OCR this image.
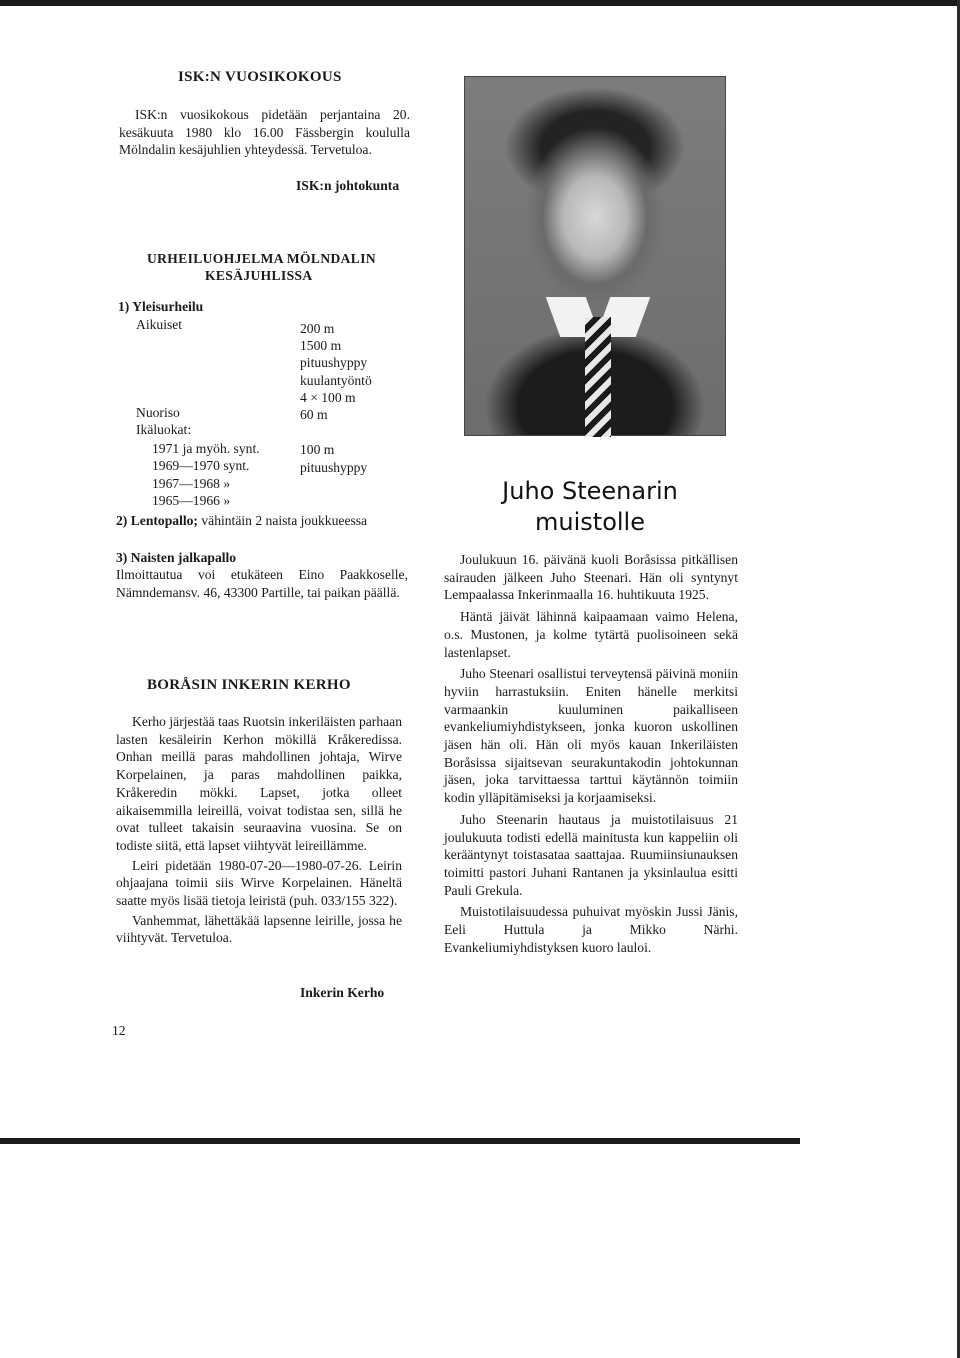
ISK:N VUOSIKOKOUS

ISK:n vuosikokous pidetään perjantaina 20. kesäkuuta 1980 klo 16.00 Fässbergin koululla Mölndalin kesäjuhlien yhteydessä. Tervetuloa.

ISK:n johtokunta
URHEILUOHJELMA MÖLNDALIN
KESÄJUHLISSA
1) Yleisurheilu
Aikuiset	200 m
1500 m
pituushyppy
kuulantyöntö
4 × 100 m
Nuoriso	60 m
Ikäluokat:
1971 ja myöh. synt.	100 m
1969—1970 synt.	pituushyppy
1967—1968 »
1965—1966 »

2) Lentopallo; vähintäin 2 naista joukkueessa

3) Naisten jalkapallo

Ilmoittautua voi etukäteen Eino Paakkoselle, Nämndemansv. 46, 43300 Partille, tai paikan päällä.

BORÅSIN INKERIN KERHO

Kerho järjestää taas Ruotsin inkeriläisten parhaan lasten kesäleirin Kerhon mökillä Kråkeredissa. Onhan meillä paras mahdollinen johtaja, Wirve Korpelainen, ja paras mahdollinen paikka, Kråkeredin mökki. Lapset, jotka olleet aikaisemmilla leireillä, voivat todistaa sen, sillä he ovat tulleet takaisin seuraavina vuosina. Se on todiste siitä, että lapset viihtyvät leireillämme.

Leiri pidetään 1980-07-20—1980-07-26. Leirin ohjaajana toimii siis Wirve Korpelainen. Häneltä saatte myös lisää tietoja leiristä (puh. 033/155 322).

Vanhemmat, lähettäkää lapsenne leirille, jossa he viihtyvät. Tervetuloa.

Inkerin Kerho
12
Juho Steenarin
muistolle

Joulukuun 16. päivänä kuoli Boråsissa pitkällisen sairauden jälkeen Juho Steenari. Hän oli syntynyt Lempaalassa Inkerinmaalla 16. huhtikuuta 1925.

Häntä jäivät lähinnä kaipaamaan vaimo Helena, o.s. Mustonen, ja kolme tytärtä puolisoineen sekä lastenlapset.

Juho Steenari osallistui terveytensä päivinä moniin hyviin harrastuksiin. Eniten hänelle merkitsi varmaankin kuuluminen paikalliseen evankeliumiyhdistykseen, jonka kuoron uskollinen jäsen hän oli. Hän oli myös kauan Inkeriläisten Boråsissa sijaitsevan seurakuntakodin johtokunnan jäsen, joka tarvittaessa tarttui käytännön toimiin kodin ylläpitämiseksi ja korjaamiseksi.

Juho Steenarin hautaus ja muistotilaisuus 21 joulukuuta todisti edellä mainitusta kun kappeliin oli kerääntynyt toistasataa saattajaa. Ruumiinsiunauksen toimitti pastori Juhani Rantanen ja yksinlaulua esitti Pauli Grekula.

Muistotilaisuudessa puhuivat myöskin Jussi Jänis, Eeli Huttula ja Mikko Närhi. Evankeliumiyhdistyksen kuoro lauloi.
